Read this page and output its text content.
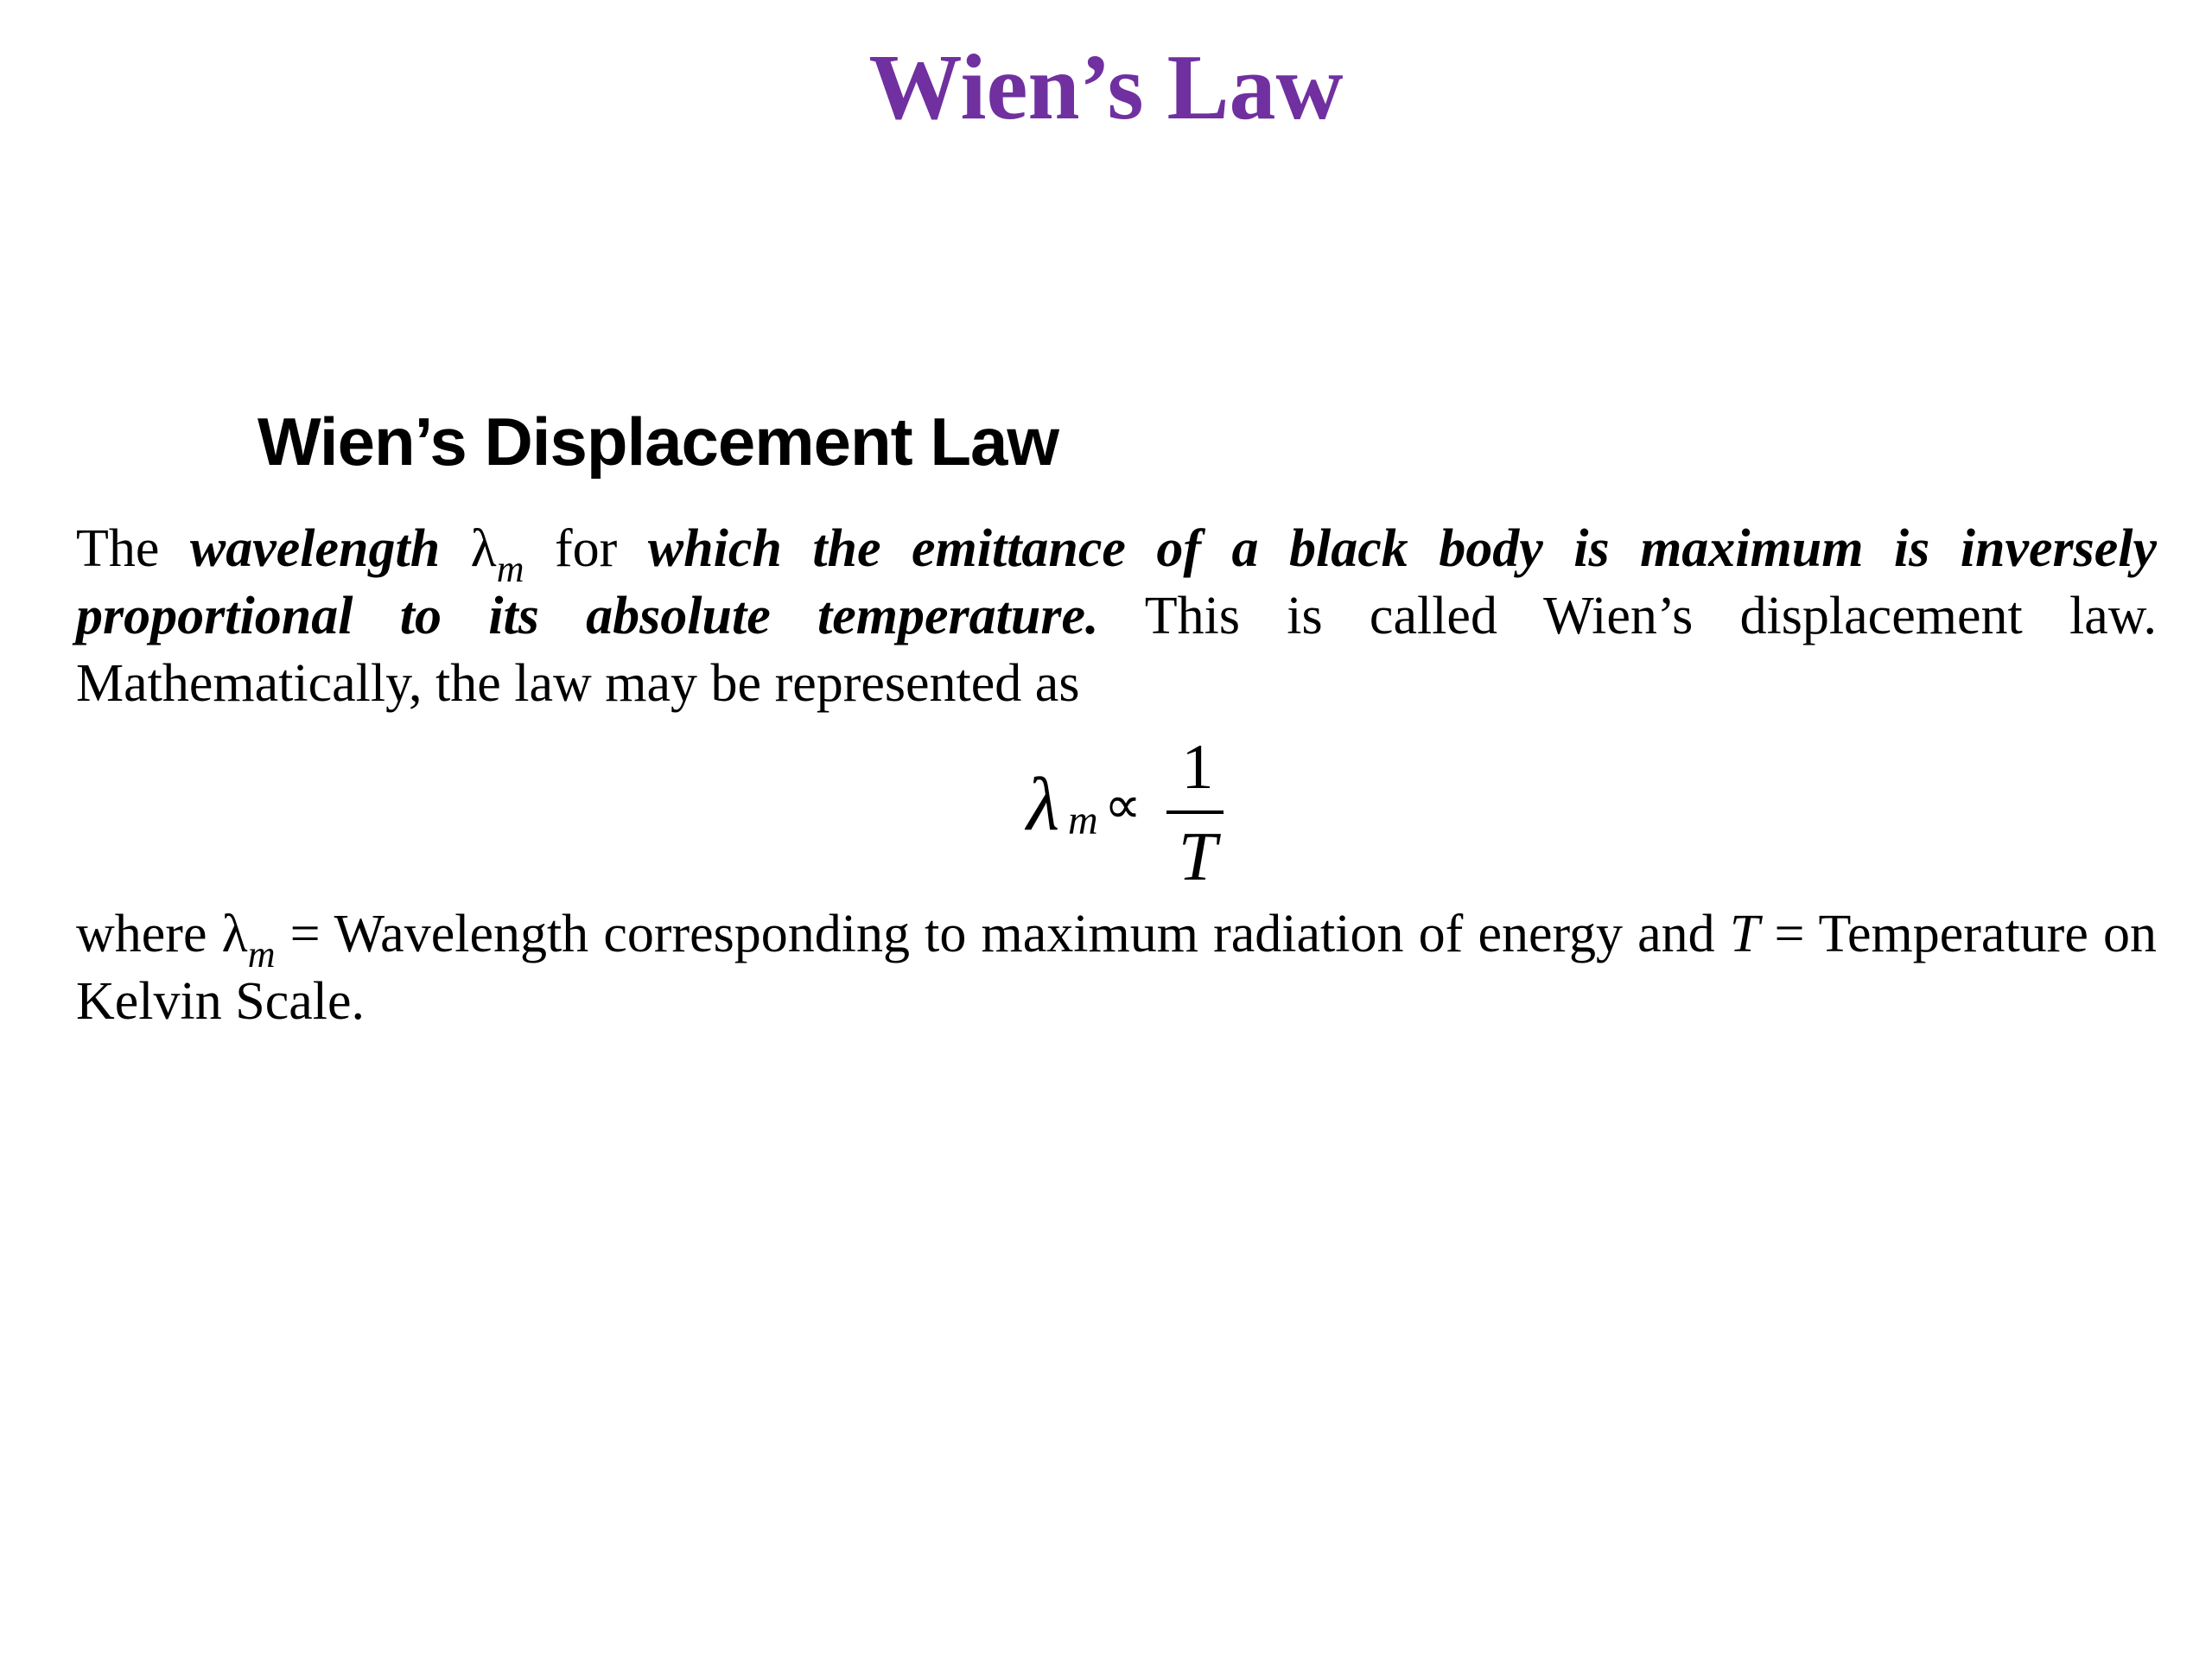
Wien’s Law
Wien’s Displacement Law

The wavelength $\lambda_m$ for which the emittance of a black body is maximum is inversely proportional to its absolute temperature. This is called Wien’s displacement law. Mathematically, the law may be represented as

λ m ∝
1
T

where $\lambda_m$ = Wavelength corresponding to maximum radiation of energy and T = Temperature on Kelvin Scale.
